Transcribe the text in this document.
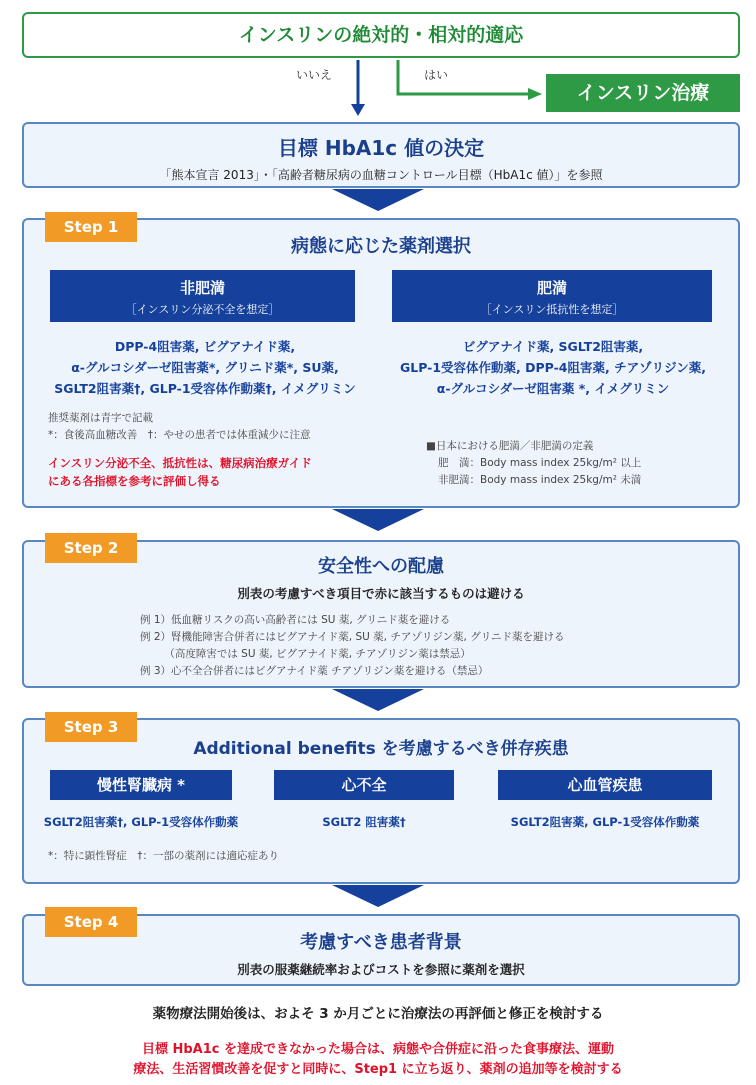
インスリンの絶対的・相対的適応
いいえ	はい
インスリン治療
目標 HbA1c 値の決定
「熊本宣言 2013」・「高齢者糖尿病の血糖コントロール目標（HbA1c 値）」を参照
Step 1
病態に応じた薬剤選択
非肥満
［インスリン分泌不全を想定］
肥満
［インスリン抵抗性を想定］
DPP-4阻害薬, ビグアナイド薬,
α-グルコシダーゼ阻害薬*, グリニド薬*, SU薬,
SGLT2阻害薬†, GLP-1受容体作動薬†, イメグリミン
ビグアナイド薬, SGLT2阻害薬,
GLP-1受容体作動薬, DPP-4阻害薬, チアゾリジン薬,
α-グルコシダーゼ阻害薬 *, イメグリミン
推奨薬剤は青字で記載
*：食後高血糖改善　†：やせの患者では体重減少に注意
インスリン分泌不全、抵抗性は、糖尿病治療ガイド
にある各指標を参考に評価し得る
■日本における肥満／非肥満の定義
肥　満：Body mass index 25kg/m² 以上
非肥満：Body mass index 25kg/m² 未満
Step 2
安全性への配慮
別表の考慮すべき項目で赤に該当するものは避ける
例 1）低血糖リスクの高い高齢者には SU 薬, グリニド薬を避ける
例 2）腎機能障害合併者にはビグアナイド薬, SU 薬, チアゾリジン薬, グリニド薬を避ける
　　 （高度障害では SU 薬, ビグアナイド薬, チアゾリジン薬は禁忌）
例 3）心不全合併者にはビグアナイド薬 チアゾリジン薬を避ける（禁忌）
Step 3
Additional benefits を考慮するべき併存疾患
慢性腎臓病 *	心不全	心血管疾患
SGLT2阻害薬†, GLP-1受容体作動薬	SGLT2 阻害薬†	SGLT2阻害薬, GLP-1受容体作動薬
*：特に顕性腎症　†：一部の薬剤には適応症あり
Step 4
考慮すべき患者背景
別表の服薬継続率およびコストを参照に薬剤を選択
薬物療法開始後は、およそ 3 か月ごとに治療法の再評価と修正を検討する
目標 HbA1c を達成できなかった場合は、病態や合併症に沿った食事療法、運動
療法、生活習慣改善を促すと同時に、Step1 に立ち返り、薬剤の追加等を検討する
